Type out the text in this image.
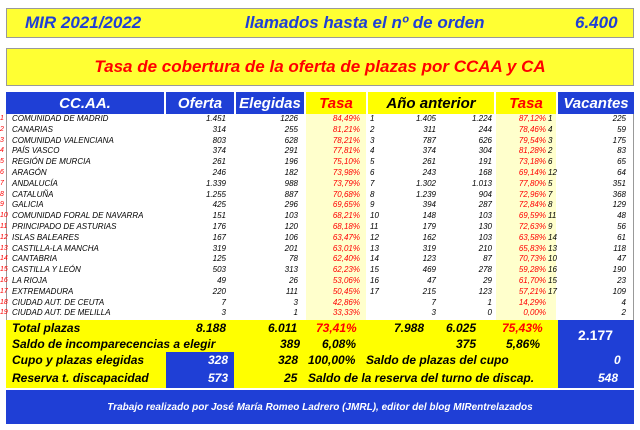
MIR 2021/2022	llamados hasta el nº de orden	6.400
Tasa de cobertura de la oferta de plazas por CCAA y CA
CC.AA.	Oferta Elegidas Tasa Año anterior Tasa Vacantes
1	COMUNIDAD DE MADRID	1.451	1226	84,49% 1	1.405	1.224	87,12% 1	225
2	CANARIAS	314	255	81,21% 2	311	244	78,46% 4	59
3	COMUNIDAD VALENCIANA	803	628	78,21% 3	787	626	79,54% 3	175
4	PAÍS VASCO	374	291	77,81% 4	374	304	81,28% 2	83
5	REGIÓN DE MURCIA	261	196	75,10% 5	261	191	73,18% 6	65
6	ARAGÓN	246	182	73,98% 6	243	168	69,14% 12	64
7	ANDALUCÍA	1.339	988	73,79% 7	1.302	1.013	77,80% 5	351
8	CATALUÑA	1.255	887	70,68% 8	1.239	904	72,96% 7	368
9	GALICIA	425	296	69,65% 9	394	287	72,84% 8	129
10 COMUNIDAD FORAL DE NAVARRA	151	103	68,21% 10	148	103	69,59% 11	48
11 PRINCIPADO DE ASTURIAS	176	120	68,18% 11	179	130	72,63% 9	56
12 ISLAS BALEARES	167	106	63,47% 12	162	103	63,58% 14	61
13 CASTILLA-LA MANCHA	319	201	63,01% 13	319	210	65,83% 13	118
14 CANTABRIA	125	78	62,40% 14	123	87	70,73% 10	47
15 CASTILLA Y LEÓN	503	313	62,23% 15	469	278	59,28% 16	190
16 LA RIOJA	49	26	53,06% 16	47	29	61,70% 15	23
17 EXTREMADURA	220	111	50,45% 17	215	123	57,21% 17	109
18 CIUDAD AUT. DE CEUTA	7	3	42,86%	7	1	14,29%	4
19 CIUDAD AUT. DE MELILLA	3	1	33,33%	3	0	0,00%	2
Total plazas	8.188	6.011 73,41%	7.988 6.025 75,43%	2.177
Saldo de incomparecencias a elegir	389 6,08%	375 5,86%
Cupo y plazas elegidas	328	328 100,00% Saldo de plazas del cupo	0
Reserva t. discapacidad	573	25 Saldo de la reserva del turno de discap.	548
Trabajo realizado por José María Romeo Ladrero (JMRL), editor del blog MIRentrelazados
